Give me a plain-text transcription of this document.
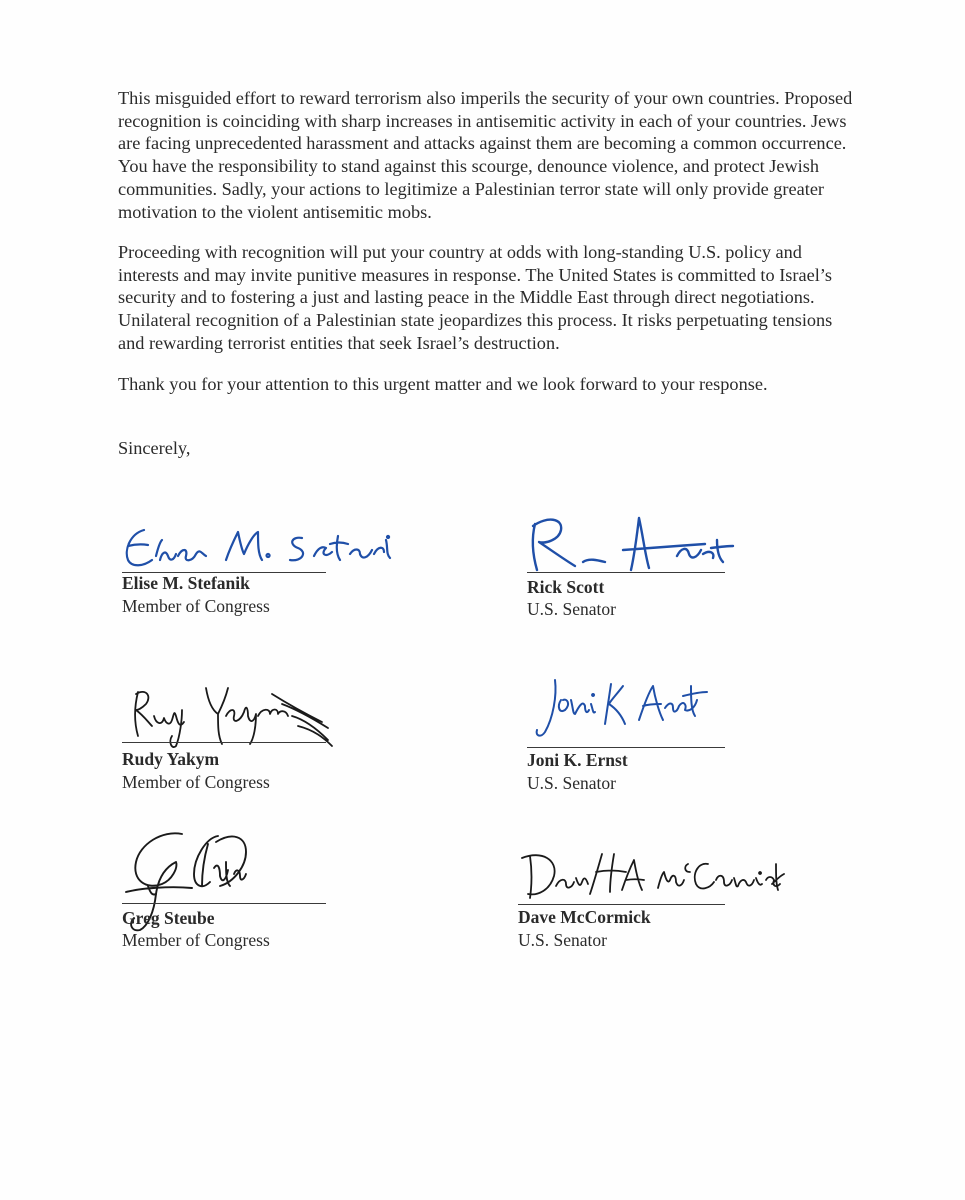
This misguided effort to reward terrorism also imperils the security of your own countries. Proposed recognition is coinciding with sharp increases in antisemitic activity in each of your countries. Jews are facing unprecedented harassment and attacks against them are becoming a common occurrence. You have the responsibility to stand against this scourge, denounce violence, and protect Jewish communities. Sadly, your actions to legitimize a Palestinian terror state will only provide greater motivation to the violent antisemitic mobs.

Proceeding with recognition will put your country at odds with long-standing U.S. policy and interests and may invite punitive measures in response. The United States is committed to Israel’s security and to fostering a just and lasting peace in the Middle East through direct negotiations. Unilateral recognition of a Palestinian state jeopardizes this process. It risks perpetuating tensions and rewarding terrorist entities that seek Israel’s destruction.

Thank you for your attention to this urgent matter and we look forward to your response.

Sincerely,

Elise M. Stefanik
Member of Congress
Rick Scott
U.S. Senator
Rudy Yakym
Member of Congress
Joni K. Ernst
U.S. Senator
Greg Steube
Member of Congress
Dave McCormick
U.S. Senator
